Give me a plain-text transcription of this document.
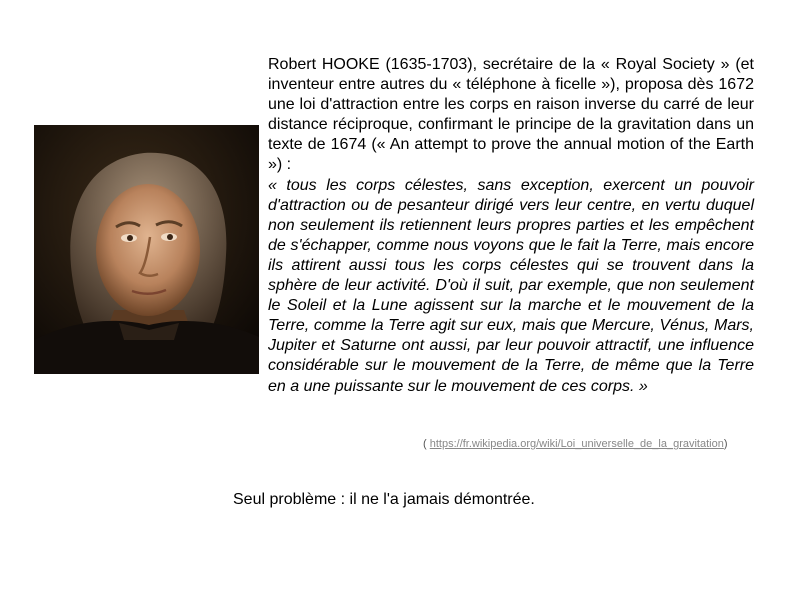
Robert HOOKE (1635-1703), secrétaire de la « Royal Society » (et inventeur entre autres du « téléphone à ficelle »), proposa dès 1672 une loi d'attraction entre les corps en raison inverse du carré de leur distance réciproque, confirmant le principe de la gravitation dans un texte de 1674 (« An attempt to prove the annual motion of the Earth ») :

« tous les corps célestes, sans exception, exercent un pouvoir d'attraction ou de pesanteur dirigé vers leur centre, en vertu duquel non seulement ils retiennent leurs propres parties et les empêchent de s'échapper, comme nous voyons que le fait la Terre, mais encore ils attirent aussi tous les corps célestes qui se trouvent dans la sphère de leur activité. D'où il suit, par exemple, que non seulement le Soleil et la Lune agissent sur la marche et le mouvement de la Terre, comme la Terre agit sur eux, mais que Mercure, Vénus, Mars, Jupiter et Saturne ont aussi, par leur pouvoir attractif, une influence considérable sur le mouvement de la Terre, de même que la Terre en a une puissante sur le mouvement de ces corps. »

( https://fr.wikipedia.org/wiki/Loi_universelle_de_la_gravitation)

Seul problème : il ne l'a jamais démontrée.
